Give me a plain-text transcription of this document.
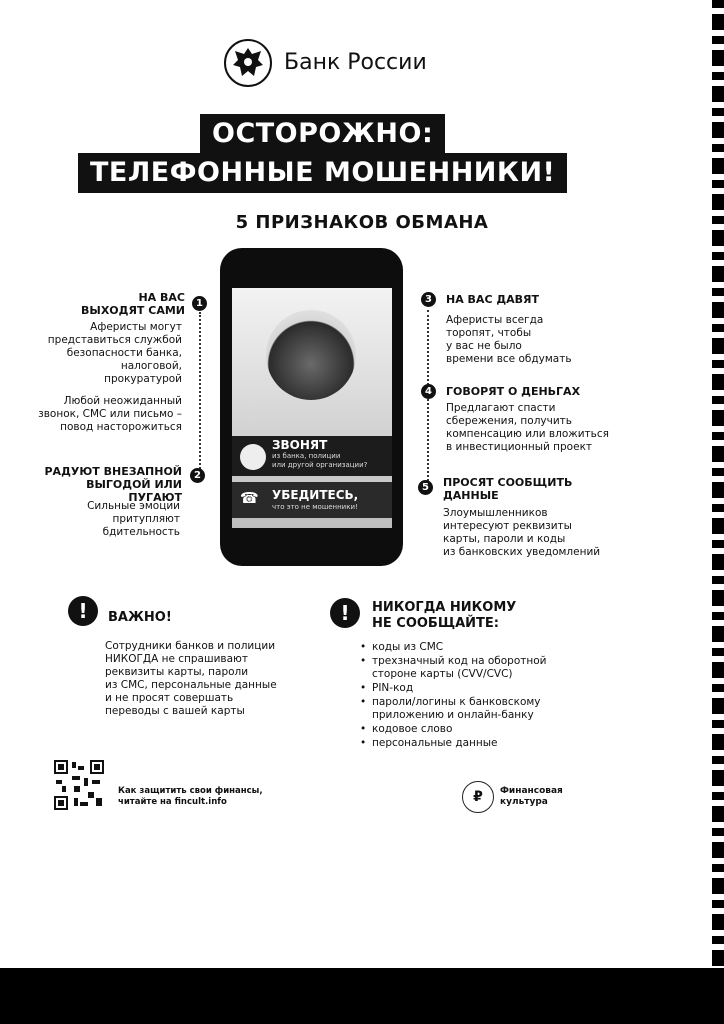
Банк России
ОСТОРОЖНО:
ТЕЛЕФОННЫЕ МОШЕННИКИ!
5 ПРИЗНАКОВ ОБМАНА
1
НА ВАС
ВЫХОДЯТ САМИ
Аферисты могут
представиться службой
безопасности банка,
налоговой,
прокуратурой
Любой неожиданный
звонок, СМС или письмо –
повод насторожиться
2
РАДУЮТ ВНЕЗАПНОЙ
ВЫГОДОЙ ИЛИ ПУГАЮТ
Сильные эмоции
притупляют
бдительность
3	НА ВАС ДАВЯТ
Аферисты всегда
торопят, чтобы
у вас не было
времени все обдумать
4	ГОВОРЯТ О ДЕНЬГАХ
Предлагают спасти
сбережения, получить
компенсацию или вложиться
в инвестиционный проект
5	ПРОСЯТ СООБЩИТЬ
ДАННЫЕ
Злоумышленников
интересуют реквизиты
карты, пароли и коды
из банковских уведомлений
ЗВОНЯТ
из банка, полиции
или другой организации?
☎ УБЕДИТЕСЬ,
что это не мошенники!
!	ВАЖНО!
Сотрудники банков и полиции
НИКОГДА не спрашивают
реквизиты карты, пароли
из СМС, персональные данные
и не просят совершать
переводы с вашей карты
!	НИКОГДА НИКОМУ
НЕ СООБЩАЙТЕ:
• коды из СМС
• трехзначный код на оборотной
стороне карты (CVV/CVC)
• PIN-код
• пароли/логины к банковскому
приложению и онлайн-банку
• кодовое слово
• персональные данные
Как защитить свои финансы,
читайте на fincult.info	₽	Финансовая
культура
